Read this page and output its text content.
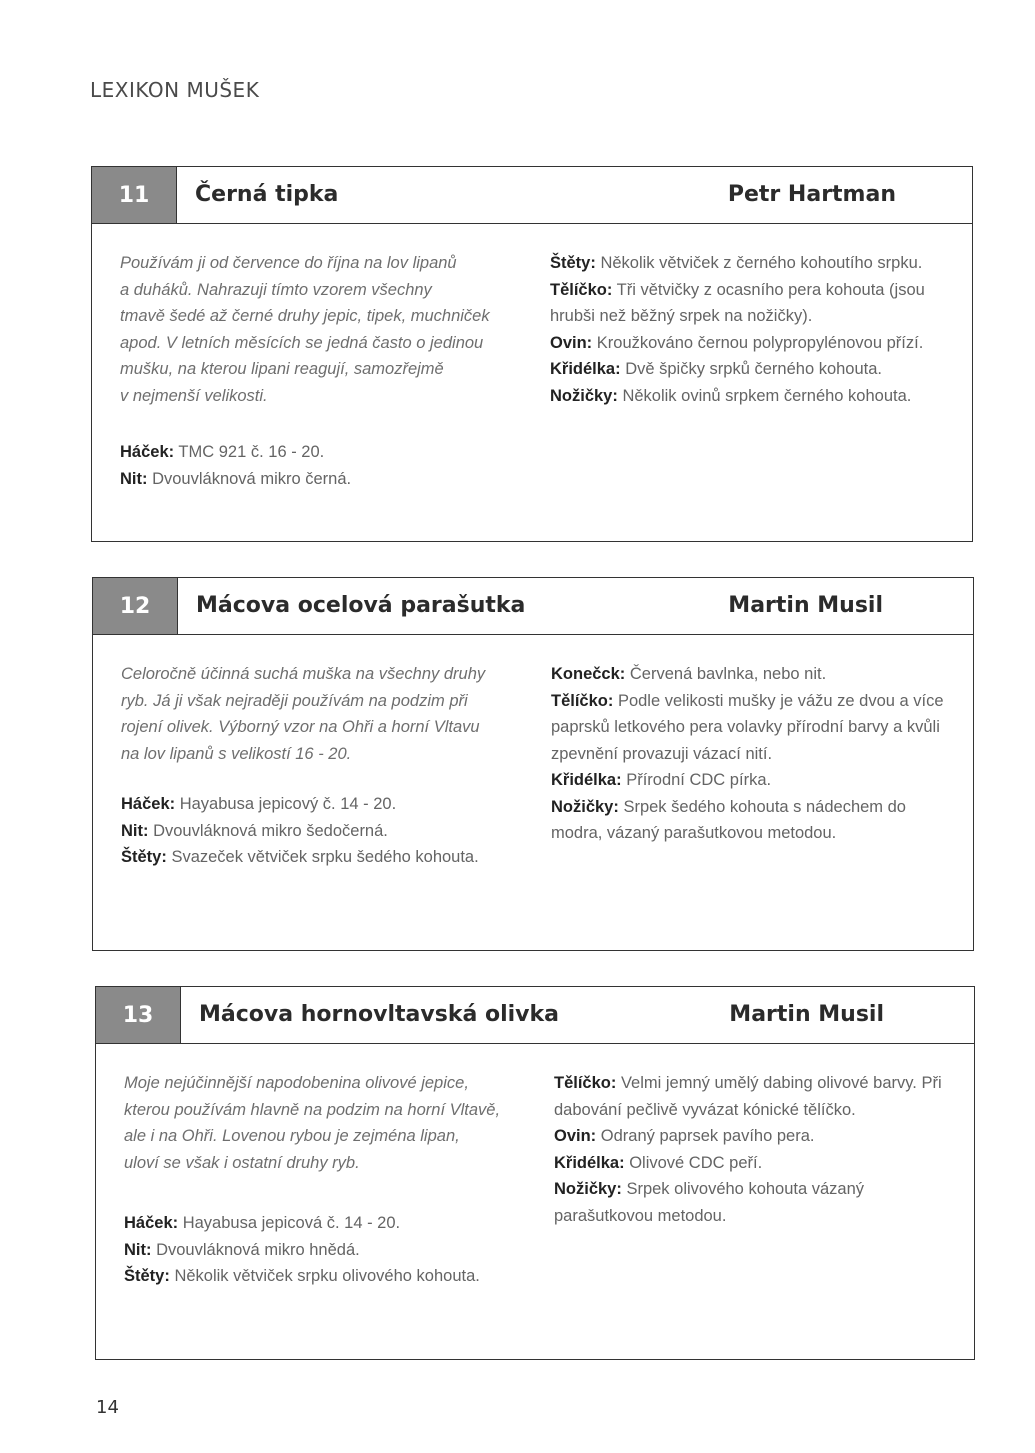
LEXIKON MUŠEK
11	Černá tipka	Petr Hartman
Používám ji od července do října na lov lipanů
a duháků. Nahrazuji tímto vzorem všechny
tmavě šedé až černé druhy jepic, tipek, muchniček
apod. V letních měsících se jedná často o jedinou
mušku, na kterou lipani reagují, samozřejmě
v nejmenší velikosti.
Háček: TMC 921 č. 16 - 20.
Nit: Dvouvláknová mikro černá.
Štěty: Několik větviček z černého kohoutího srpku.
Tělíčko: Tři větvičky z ocasního pera kohouta (jsou hrubši než běžný srpek na nožičky).
Ovin: Kroužkováno černou polypropylénovou přízí.
Křidélka: Dvě špičky srpků černého kohouta.
Nožičky: Několik ovinů srpkem černého kohouta.
12	Mácova ocelová parašutka	Martin Musil
Celoročně účinná suchá muška na všechny druhy
ryb. Já ji však nejraději používám na podzim při
rojení olivek. Výborný vzor na Ohři a horní Vltavu
na lov lipanů s velikostí 16 - 20.
Háček: Hayabusa jepicový č. 14 - 20.
Nit: Dvouvláknová mikro šedočerná.
Štěty: Svazeček větviček srpku šedého kohouta.
Konečck: Červená bavlnka, nebo nit.
Tělíčko: Podle velikosti mušky je vážu ze dvou a více paprsků letkového pera volavky přírodní barvy a kvůli zpevnění provazuji vázací nití.
Křidélka: Přírodní CDC pírka.
Nožičky: Srpek šedého kohouta s nádechem do modra, vázaný parašutkovou metodou.
13	Mácova hornovltavská olivka	Martin Musil
Moje nejúčinnější napodobenina olivové jepice,
kterou používám hlavně na podzim na horní Vltavě,
ale i na Ohři. Lovenou rybou je zejména lipan,
uloví se však i ostatní druhy ryb.
Háček: Hayabusa jepicová č. 14 - 20.
Nit: Dvouvláknová mikro hnědá.
Štěty: Několik větviček srpku olivového kohouta.
Tělíčko: Velmi jemný umělý dabing olivové barvy. Při dabování pečlivě vyvázat kónické tělíčko.
Ovin: Odraný paprsek pavího pera.
Křidélka: Olivové CDC peří.
Nožičky: Srpek olivového kohouta vázaný parašutkovou metodou.
14
